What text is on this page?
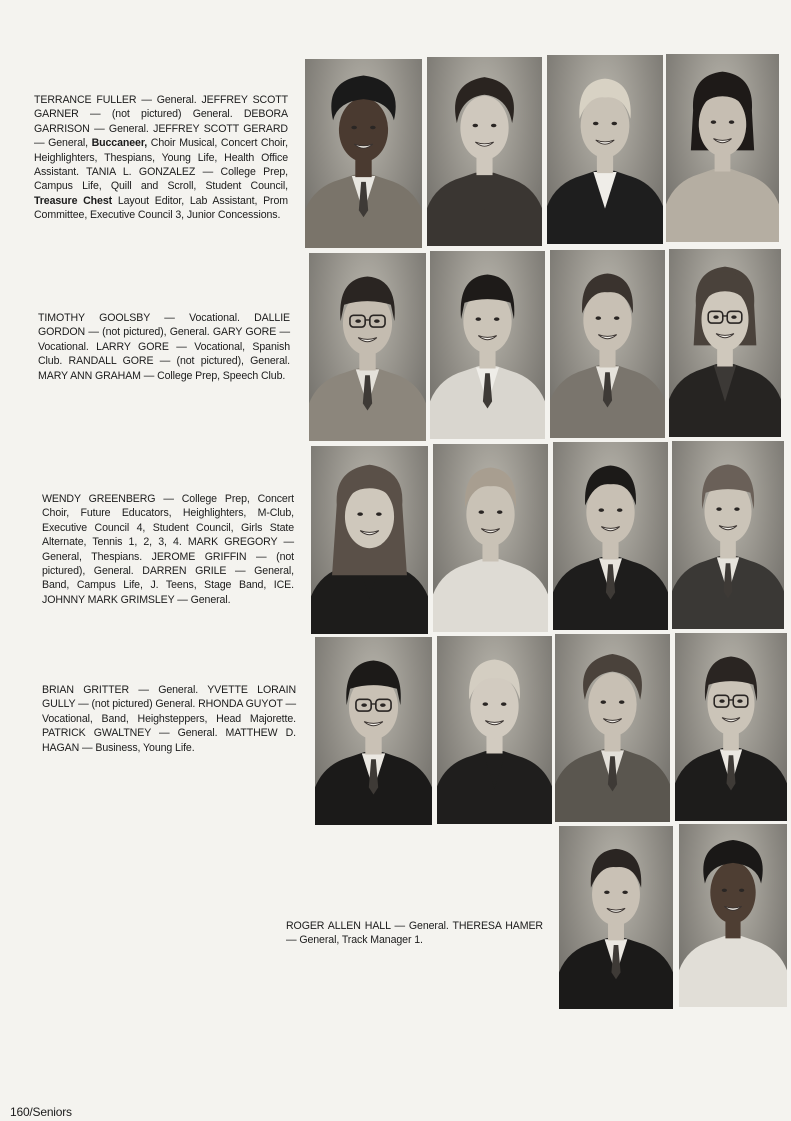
TERRANCE FULLER — General. JEFFREY SCOTT GARNER — (not pictured) General. DEBORA GARRISON — General. JEFFREY SCOTT GERARD — General, Buccaneer, Choir Musical, Concert Choir, Heighlighters, Thespians, Young Life, Health Office Assistant. TANIA L. GONZALEZ — College Prep, Campus Life, Quill and Scroll, Student Council, Treasure Chest Layout Editor, Lab Assistant, Prom Committee, Executive Council 3, Junior Concessions.
TIMOTHY GOOLSBY — Vocational. DALLIE GORDON — (not pictured), General. GARY GORE — Vocational. LARRY GORE — Vocational, Spanish Club. RANDALL GORE — (not pictured), General. MARY ANN GRAHAM — College Prep, Speech Club.
WENDY GREENBERG — College Prep, Concert Choir, Future Educators, Heighlighters, M-Club, Executive Council 4, Student Council, Girls State Alternate, Tennis 1, 2, 3, 4. MARK GREGORY — General, Thespians. JEROME GRIFFIN — (not pictured), General. DARREN GRILE — General, Band, Campus Life, J. Teens, Stage Band, ICE. JOHNNY MARK GRIMSLEY — General.
BRIAN GRITTER — General. YVETTE LORAIN GULLY — (not pictured) General. RHONDA GUYOT — Vocational, Band, Heighsteppers, Head Majorette. PATRICK GWALTNEY — General. MATTHEW D. HAGAN — Business, Young Life.
ROGER ALLEN HALL — General. THERESA HAMER — General, Track Manager 1.
160/Seniors
